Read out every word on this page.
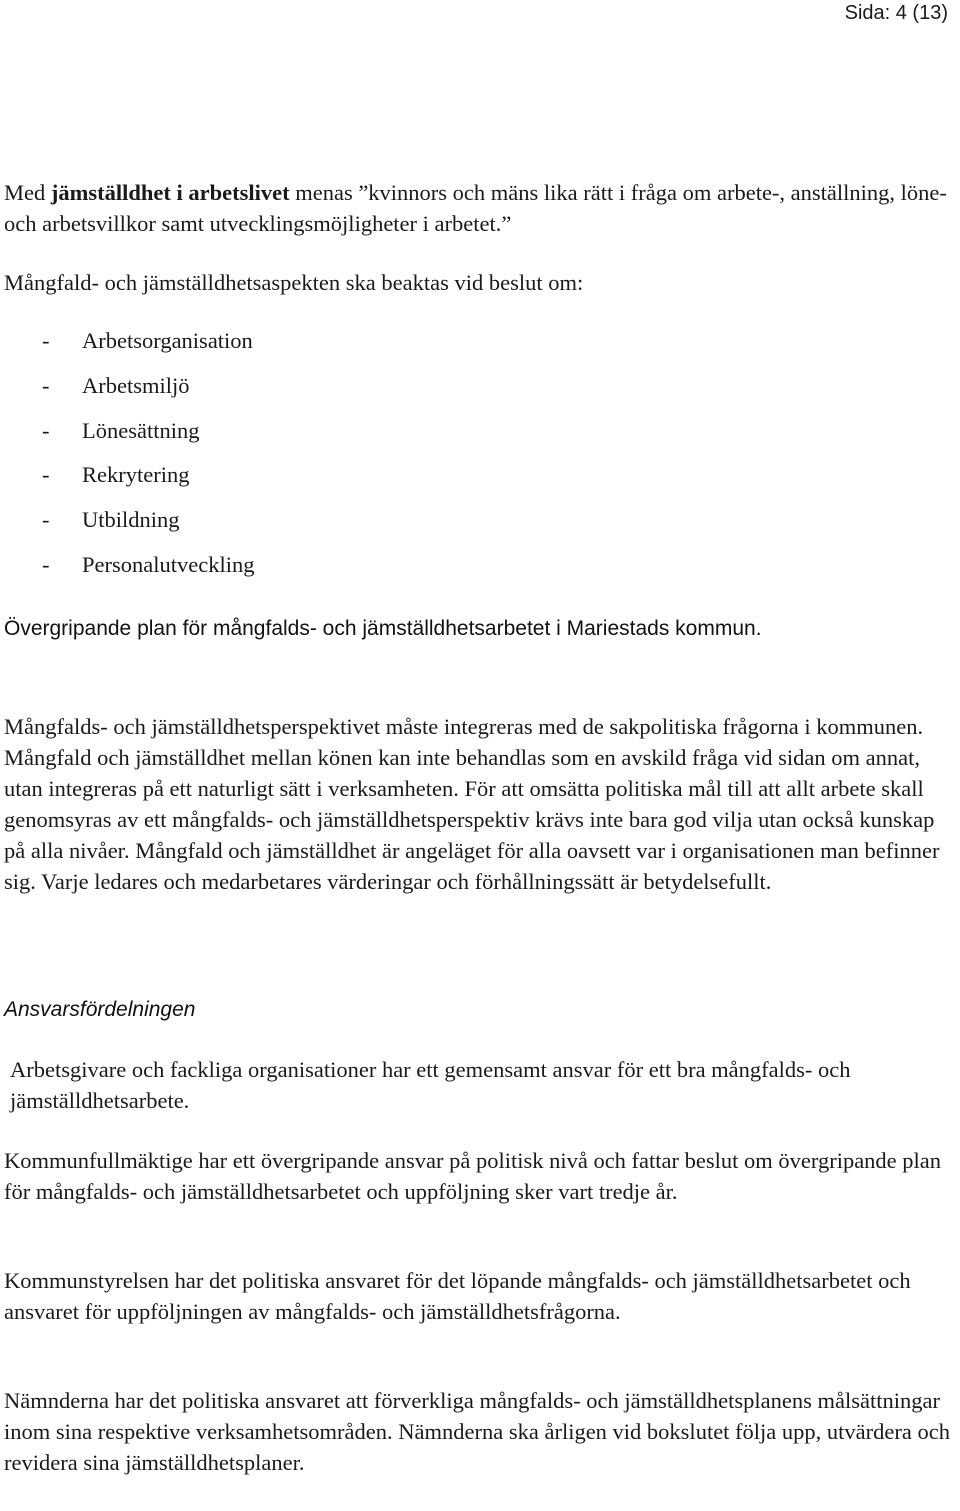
Sida: 4 (13)

Med jämställdhet i arbetslivet menas ”kvinnors och mäns lika rätt i fråga om arbete-, anställning, löne- och arbetsvillkor samt utvecklingsmöjligheter i arbetet.”

Mångfald- och jämställdhetsaspekten ska beaktas vid beslut om:

- Arbetsorganisation
- Arbetsmiljö
- Lönesättning
- Rekrytering
- Utbildning
- Personalutveckling
Övergripande plan för mångfalds- och jämställdhetsarbetet i Mariestads kommun.

Mångfalds- och jämställdhetsperspektivet måste integreras med de sakpolitiska frågorna i kommunen. Mångfald och jämställdhet mellan könen kan inte behandlas som en avskild fråga vid sidan om annat, utan integreras på ett naturligt sätt i verksamheten. För att omsätta politiska mål till att allt arbete skall genomsyras av ett mångfalds- och jämställdhetsperspektiv krävs inte bara god vilja utan också kunskap på alla nivåer. Mångfald och jämställdhet är angeläget för alla oavsett var i organisationen man befinner sig. Varje ledares och medarbetares värderingar och förhållningssätt är betydelsefullt.

Ansvarsfördelningen

Arbetsgivare och fackliga organisationer har ett gemensamt ansvar för ett bra mångfalds- och jämställdhetsarbete.

Kommunfullmäktige har ett övergripande ansvar på politisk nivå och fattar beslut om övergripande plan för mångfalds- och jämställdhetsarbetet och uppföljning sker vart tredje år.

Kommunstyrelsen har det politiska ansvaret för det löpande mångfalds- och jämställdhetsarbetet och ansvaret för uppföljningen av mångfalds- och jämställdhetsfrågorna.

Nämnderna har det politiska ansvaret att förverkliga mångfalds- och jämställdhetsplanens målsättningar inom sina respektive verksamhetsområden. Nämnderna ska årligen vid bokslutet följa upp, utvärdera och revidera sina jämställdhetsplaner.
